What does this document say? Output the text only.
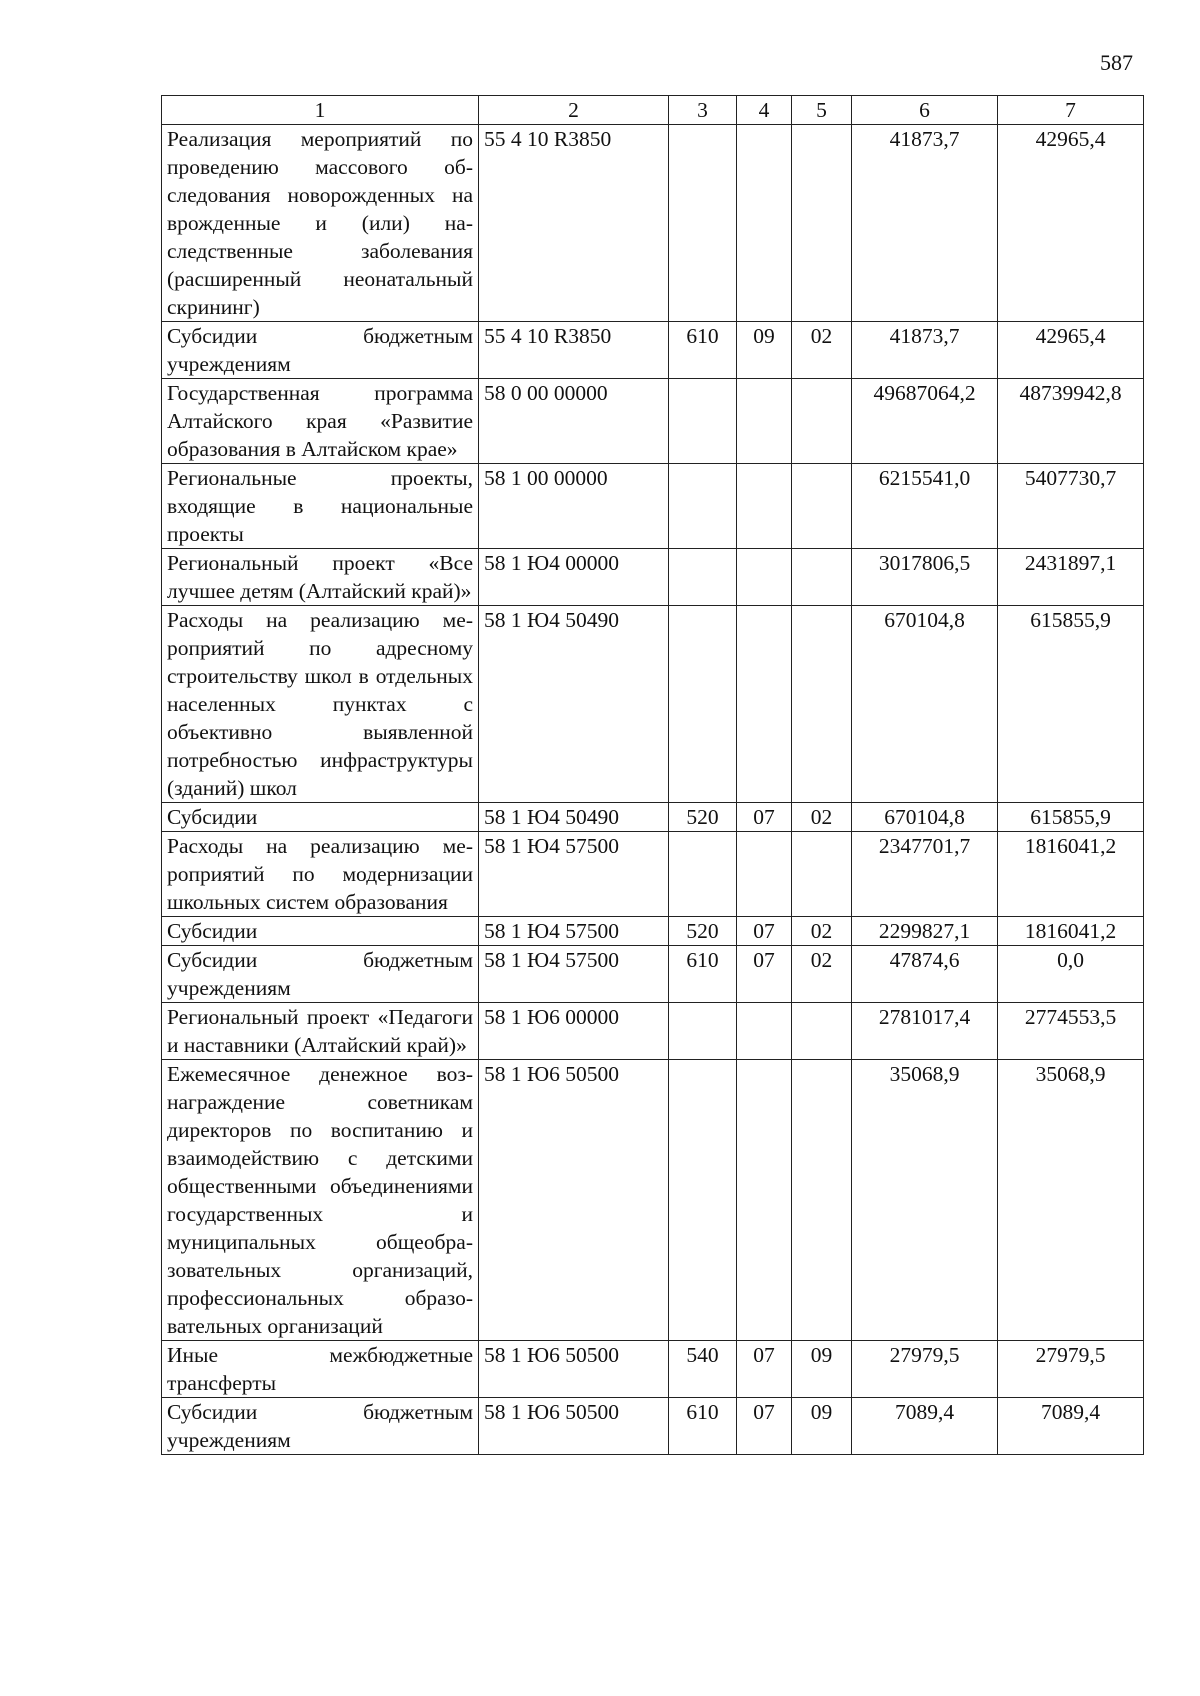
587
1	2	3	4	5	6	7
Реализация мероприятий по проведению массового обследования новорожденных на врожденные и (или) наследственные заболевания (расширенный неонатальный скрининг)	55 4 10 R3850				41873,7	42965,4
Субсидии бюджетным учреждениям	55 4 10 R3850	610	09	02	41873,7	42965,4
Государственная программа Алтайского края «Развитие образования в Алтайском крае»	58 0 00 00000				49687064,2	48739942,8
Региональные проекты, входящие в национальные проекты	58 1 00 00000				6215541,0	5407730,7
Региональный проект «Все лучшее детям (Алтайский край)»	58 1 Ю4 00000				3017806,5	2431897,1
Расходы на реализацию мероприятий по адресному строительству школ в отдельных населенных пунктах с объективно выявленной потребностью инфраструктуры (зданий) школ	58 1 Ю4 50490				670104,8	615855,9
Субсидии	58 1 Ю4 50490	520	07	02	670104,8	615855,9
Расходы на реализацию мероприятий по модернизации школьных систем образования	58 1 Ю4 57500				2347701,7	1816041,2
Субсидии	58 1 Ю4 57500	520	07	02	2299827,1	1816041,2
Субсидии бюджетным учреждениям	58 1 Ю4 57500	610	07	02	47874,6	0,0
Региональный проект «Педагоги и наставники (Алтайский край)»	58 1 Ю6 00000				2781017,4	2774553,5
Ежемесячное денежное вознаграждение советникам директоров по воспитанию и взаимодействию с детскими общественными объединениями государственных и муниципальных общеобразовательных организаций, профессиональных образовательных организаций	58 1 Ю6 50500				35068,9	35068,9
Иные межбюджетные трансферты	58 1 Ю6 50500	540	07	09	27979,5	27979,5
Субсидии бюджетным учреждениям	58 1 Ю6 50500	610	07	09	7089,4	7089,4
